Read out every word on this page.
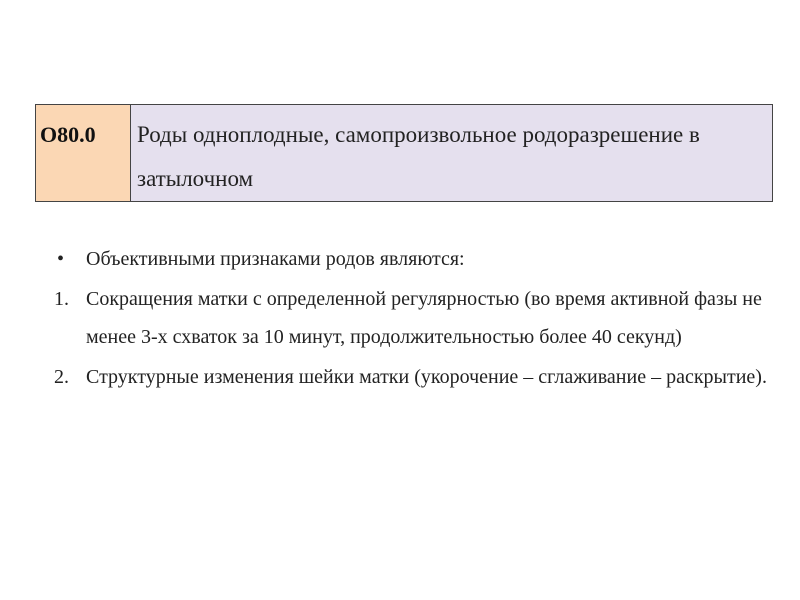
O80.0	Роды одноплодные, самопроизвольное родоразрешение в затылочном
•	Объективными признаками родов являются:
1. Сокращения матки с определенной регулярностью (во время активной фазы не менее 3-х схваток за 10 минут, продолжительностью более 40 секунд)
2. Структурные изменения шейки матки (укорочение – сглаживание – раскрытие).
